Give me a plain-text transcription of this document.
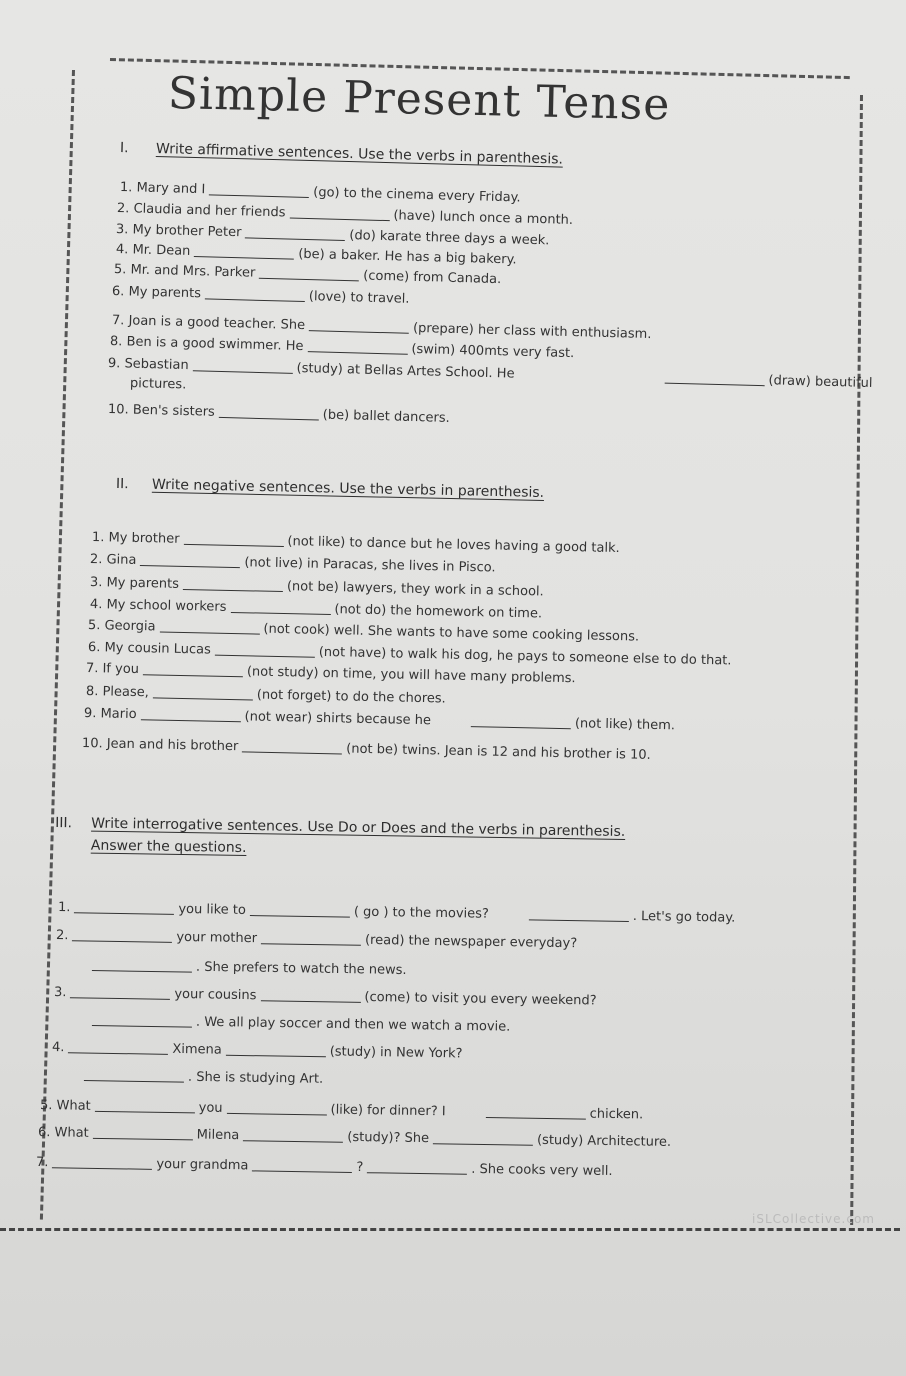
Simple Present Tense
I. Write affirmative sentences. Use the verbs in parenthesis.
1. Mary and I	(go) to the cinema every Friday.
2. Claudia and her friends	(have) lunch once a month.
3. My brother Peter	(do) karate three days a week.
4. Mr. Dean	(be) a baker. He has a big bakery.
5. Mr. and Mrs. Parker	(come) from Canada.
6. My parents	(love) to travel.
7. Joan is a good teacher. She	(prepare) her class with enthusiasm.
8. Ben is a good swimmer. He	(swim) 400mts very fast.
9. Sebastian	(study) at Bellas Artes School. He(draw) beautiful
pictures.
10. Ben's sisters	(be) ballet dancers.
II. Write negative sentences. Use the verbs in parenthesis.
1. My brother	(not like) to dance but he loves having a good talk.
2. Gina	(not live) in Paracas, she lives in Pisco.
3. My parents	(not be) lawyers, they work in a school.
4. My school workers	(not do) the homework on time.
5. Georgia	(not cook) well. She wants to have some cooking lessons.
6. My cousin Lucas	(not have) to walk his dog, he pays to someone else to do that.
7. If you	(not study) on time, you will have many problems.
8. Please,	(not forget) to do the chores.
9. Mario	(not wear) shirts because he	(not like) them.
10. Jean and his brother	(not be) twins. Jean is 12 and his brother is 10.
III. Write interrogative sentences. Use Do or Does and the verbs in parenthesis.
Answer the questions.
1.	you like to	( go ) to the movies?	. Let's go today.
2.	your mother	(read) the newspaper everyday?
. She prefers to watch the news.
3.	your cousins	(come) to visit you every weekend?
. We all play soccer and then we watch a movie.
4.	Ximena	(study) in New York?
. She is studying Art.
5. What	you	(like) for dinner? I	chicken.
6. What	Milena	(study)? She	(study) Architecture.
7.	your grandma	?	. She cooks very well.
iSLCollective.com
